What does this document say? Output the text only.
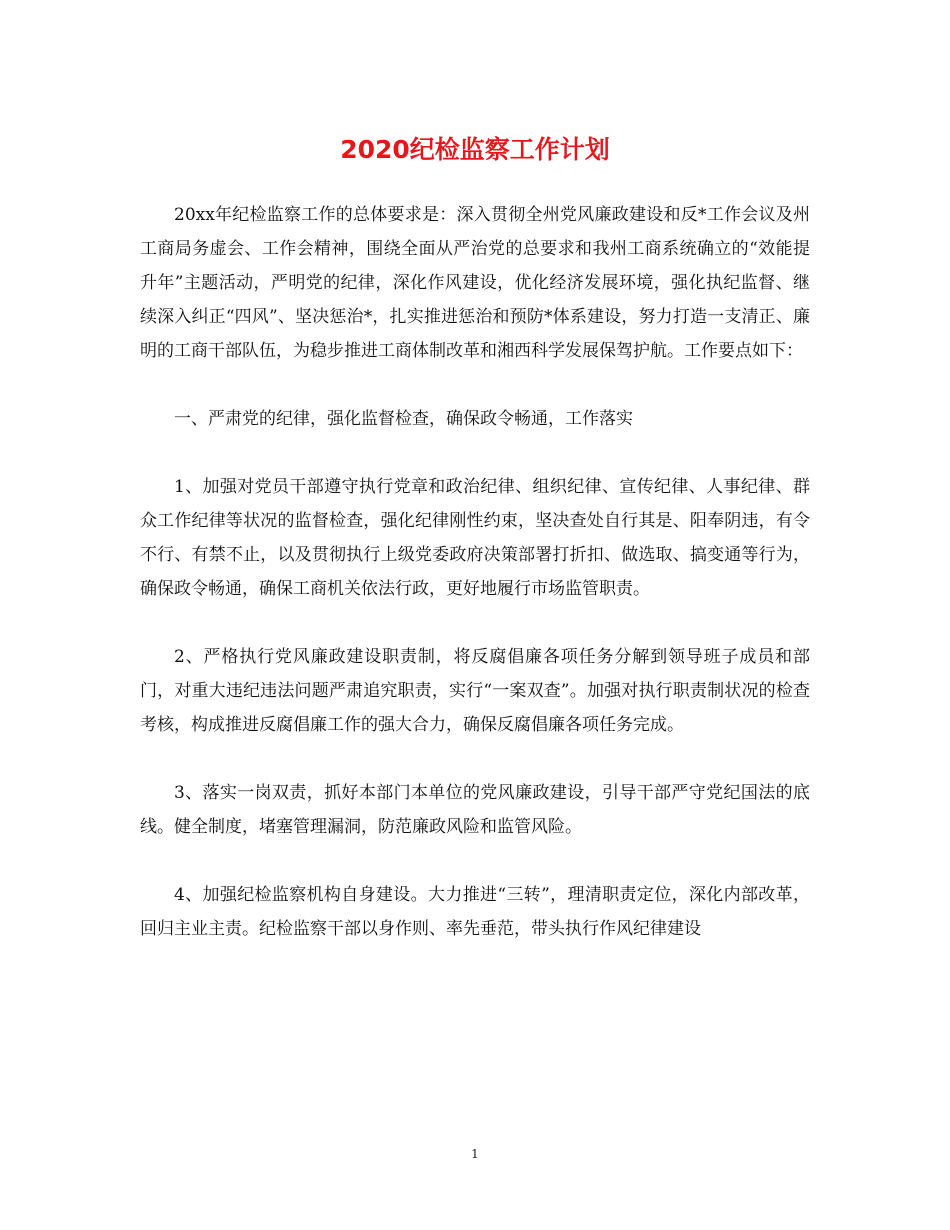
2020纪检监察工作计划

20xx年纪检监察工作的总体要求是：深入贯彻全州党风廉政建设和反*工作会议及州工商局务虚会、工作会精神，围绕全面从严治党的总要求和我州工商系统确立的“效能提升年”主题活动，严明党的纪律，深化作风建设，优化经济发展环境，强化执纪监督、继续深入纠正“四风”、坚决惩治*，扎实推进惩治和预防*体系建设，努力打造一支清正、廉明的工商干部队伍，为稳步推进工商体制改革和湘西科学发展保驾护航。工作要点如下：

一、严肃党的纪律，强化监督检查，确保政令畅通，工作落实

1、加强对党员干部遵守执行党章和政治纪律、组织纪律、宣传纪律、人事纪律、群众工作纪律等状况的监督检查，强化纪律刚性约束，坚决查处自行其是、阳奉阴违，有令不行、有禁不止，以及贯彻执行上级党委政府决策部署打折扣、做选取、搞变通等行为，确保政令畅通，确保工商机关依法行政，更好地履行市场监管职责。

2、严格执行党风廉政建设职责制，将反腐倡廉各项任务分解到领导班子成员和部门，对重大违纪违法问题严肃追究职责，实行“一案双查”。加强对执行职责制状况的检查考核，构成推进反腐倡廉工作的强大合力，确保反腐倡廉各项任务完成。

3、落实一岗双责，抓好本部门本单位的党风廉政建设，引导干部严守党纪国法的底线。健全制度，堵塞管理漏洞，防范廉政风险和监管风险。

4、加强纪检监察机构自身建设。大力推进“三转”，理清职责定位，深化内部改革，回归主业主责。纪检监察干部以身作则、率先垂范，带头执行作风纪律建设

1
